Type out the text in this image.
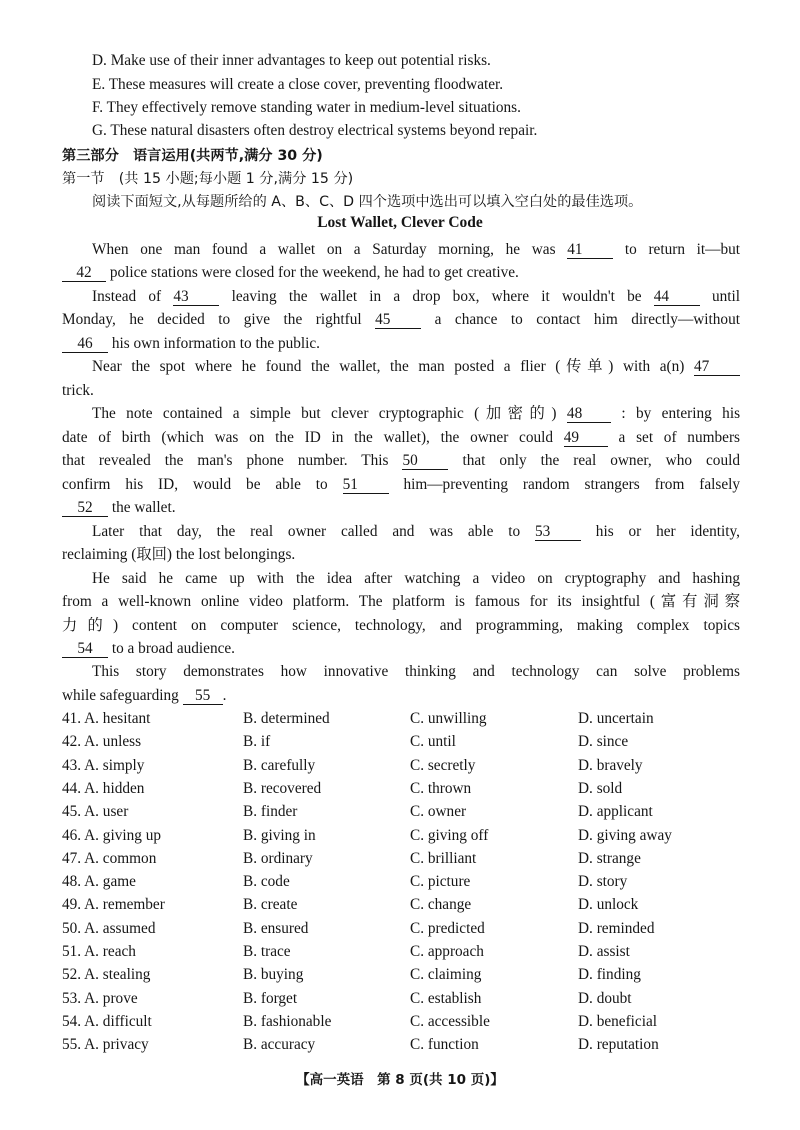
D. Make use of their inner advantages to keep out potential risks.
E. These measures will create a close cover, preventing floodwater.
F. They effectively remove standing water in medium-level situations.
G. These natural disasters often destroy electrical systems beyond repair.
第三部分　语言运用(共两节,满分 30 分)
第一节　(共 15 小题;每小题 1 分,满分 15 分)
阅读下面短文,从每题所给的 A、B、C、D 四个选项中选出可以填入空白处的最佳选项。
Lost Wallet, Clever Code
When one man found a wallet on a Saturday morning, he was 41	to return it—but
42 police stations were closed for the weekend, he had to get creative.
Instead of 43	leaving the wallet in a drop box, where it wouldn't be 44	until
Monday, he decided to give the rightful 45	a chance to contact him directly—without
46 his own information to the public.
Near the spot where he found the wallet, the man posted a flier (传单) with a(n) 47
trick.
The note contained a simple but clever cryptographic (加密的) 48	: by entering his
date of birth (which was on the ID in the wallet), the owner could 49	a set of numbers
that revealed the man's phone number. This 50	that only the real owner, who could
confirm his ID, would be able to 51	him—preventing random strangers from falsely
52 the wallet.
Later that day, the real owner called and was able to 53	his or her identity,
reclaiming (取回) the lost belongings.
He said he came up with the idea after watching a video on cryptography and hashing
from a well-known online video platform. The platform is famous for its insightful (富有洞察
力的) content on computer science, technology, and programming, making complex topics
54 to a broad audience.
This story demonstrates how innovative thinking and technology can solve problems
while safeguarding 55 .
41. A. hesitant	B. determined	C. unwilling	D. uncertain
42. A. unless	B. if	C. until	D. since
43. A. simply	B. carefully	C. secretly	D. bravely
44. A. hidden	B. recovered	C. thrown	D. sold
45. A. user	B. finder	C. owner	D. applicant
46. A. giving up	B. giving in	C. giving off	D. giving away
47. A. common	B. ordinary	C. brilliant	D. strange
48. A. game	B. code	C. picture	D. story
49. A. remember	B. create	C. change	D. unlock
50. A. assumed	B. ensured	C. predicted	D. reminded
51. A. reach	B. trace	C. approach	D. assist
52. A. stealing	B. buying	C. claiming	D. finding
53. A. prove	B. forget	C. establish	D. doubt
54. A. difficult	B. fashionable	C. accessible	D. beneficial
55. A. privacy	B. accuracy	C. function	D. reputation
【高一英语　第 8 页(共 10 页)】
